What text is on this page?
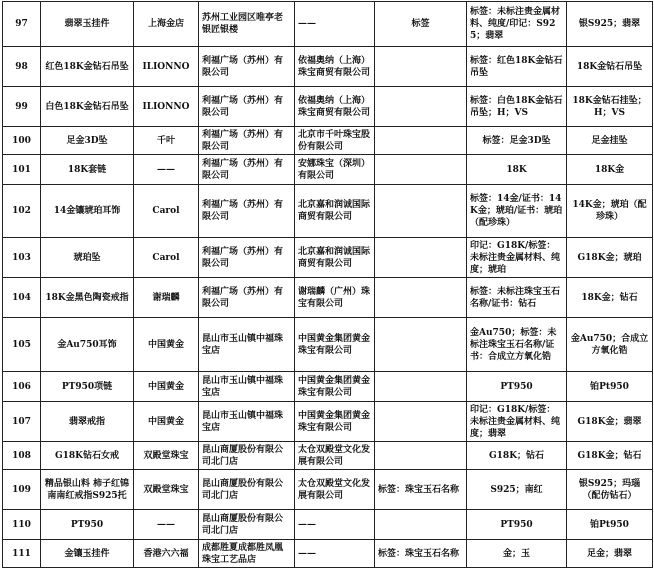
97	翡翠玉挂件	上海金店	苏州工业园区唯亭老银匠银楼	——	标签	标签：未标注贵金属材料、纯度/印记：S925；翡翠	银S925；翡翠
98	红色18K金钻石吊坠	ILIONNO	利福广场（苏州）有限公司	依福奥纳（上海）珠宝商贸有限公司		标签：红色18K金钻石吊坠	18K金钻石吊坠
99	白色18K金钻石吊坠	ILIONNO	利福广场（苏州）有限公司	依福奥纳（上海）珠宝商贸有限公司		标签：白色18K金钻石吊坠；H；VS	18K金钻石挂坠；H；VS
100	足金3D坠	千叶	利福广场（苏州）有限公司	北京市千叶珠宝股份有限公司		标签：足金3D坠	足金挂坠
101	18K套链	——	利福广场（苏州）有限公司	安娜珠宝（深圳）有限公司		18K	18K金
102	14金镶琥珀耳饰	Carol	利福广场（苏州）有限公司	北京嘉和润诚国际商贸有限公司		标签：14金/证书：14K金；琥珀/证书：琥珀（配珍珠）	14K金；琥珀（配珍珠）
103	琥珀坠	Carol	利福广场（苏州）有限公司	北京嘉和润诚国际商贸有限公司		印记：G18K/标签：未标注贵金属材料、纯度；琥珀	G18K金；琥珀
104	18K金黑色陶瓷戒指	谢瑞麟	利福广场（苏州）有限公司	谢瑞麟（广州）珠宝有限公司		标签：未标注珠宝玉石名称/证书：钻石	18K金；钻石
105	金Au750耳饰	中国黄金	昆山市玉山镇中福珠宝店	中国黄金集团黄金珠宝有限公司		金Au750；标签：未标注珠宝玉石名称/证书：合成立方氧化锆	金Au750；合成立方氧化锆
106	PT950项链	中国黄金	昆山市玉山镇中福珠宝店	中国黄金集团黄金珠宝有限公司		PT950	铂Pt950
107	翡翠戒指	中国黄金	昆山市玉山镇中福珠宝店	中国黄金集团黄金珠宝有限公司		印记：G18K/标签：未标注贵金属材料、纯度；翡翠	G18K金；翡翠
108	G18K钻石女戒	双殿堂珠宝	昆山商厦股份有限公司北门店	太仓双殿堂文化发展有限公司		G18K；钻石	G18K金；钻石
109	精品银山料 柿子红锦南南红戒指S925托	双殿堂珠宝	昆山商厦股份有限公司北门店	太仓双殿堂文化发展有限公司	标签：珠宝玉石名称	S925；南红	银S925；玛瑙（配仿钻石）
110	PT950	——	昆山商厦股份有限公司北门店	——		PT950	铂Pt950
111	金镶玉挂件	香港六六福	成都胜夏成都胜凤凰珠宝工艺品店	——	标签：珠宝玉石名称	金；玉	足金；翡翠
